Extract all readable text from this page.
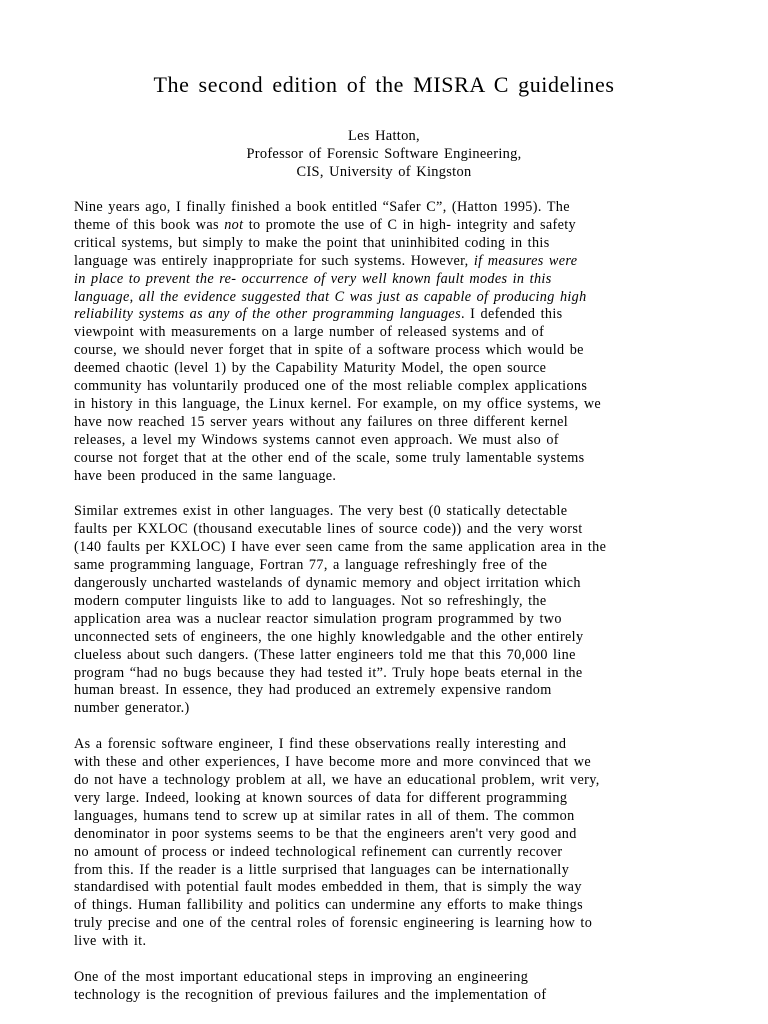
The second edition of the MISRA C guidelines
Les Hatton,
Professor of Forensic Software Engineering,
CIS, University of Kingston
Nine years ago, I finally finished a book entitled “Safer C”, (Hatton 1995). The
theme of this book was not to promote the use of C in high- integrity and safety
critical systems, but simply to make the point that uninhibited coding in this
language was entirely inappropriate for such systems. However, if measures were
in place to prevent the re- occurrence of very well known fault modes in this
language, all the evidence suggested that C was just as capable of producing high
reliability systems as any of the other programming languages. I defended this
viewpoint with measurements on a large number of released systems and of
course, we should never forget that in spite of a software process which would be
deemed chaotic (level 1) by the Capability Maturity Model, the open source
community has voluntarily produced one of the most reliable complex applications
in history in this language, the Linux kernel. For example, on my office systems, we
have now reached 15 server years without any failures on three different kernel
releases, a level my Windows systems cannot even approach. We must also of
course not forget that at the other end of the scale, some truly lamentable systems
have been produced in the same language.
Similar extremes exist in other languages. The very best (0 statically detectable
faults per KXLOC (thousand executable lines of source code)) and the very worst
(140 faults per KXLOC) I have ever seen came from the same application area in the
same programming language, Fortran 77, a language refreshingly free of the
dangerously uncharted wastelands of dynamic memory and object irritation which
modern computer linguists like to add to languages. Not so refreshingly, the
application area was a nuclear reactor simulation program programmed by two
unconnected sets of engineers, the one highly knowledgable and the other entirely
clueless about such dangers. (These latter engineers told me that this 70,000 line
program “had no bugs because they had tested it”. Truly hope beats eternal in the
human breast. In essence, they had produced an extremely expensive random
number generator.)
As a forensic software engineer, I find these observations really interesting and
with these and other experiences, I have become more and more convinced that we
do not have a technology problem at all, we have an educational problem, writ very,
very large. Indeed, looking at known sources of data for different programming
languages, humans tend to screw up at similar rates in all of them. The common
denominator in poor systems seems to be that the engineers aren't very good and
no amount of process or indeed technological refinement can currently recover
from this. If the reader is a little surprised that languages can be internationally
standardised with potential fault modes embedded in them, that is simply the way
of things. Human fallibility and politics can undermine any efforts to make things
truly precise and one of the central roles of forensic engineering is learning how to
live with it.
One of the most important educational steps in improving an engineering
technology is the recognition of previous failures and the implementation of
